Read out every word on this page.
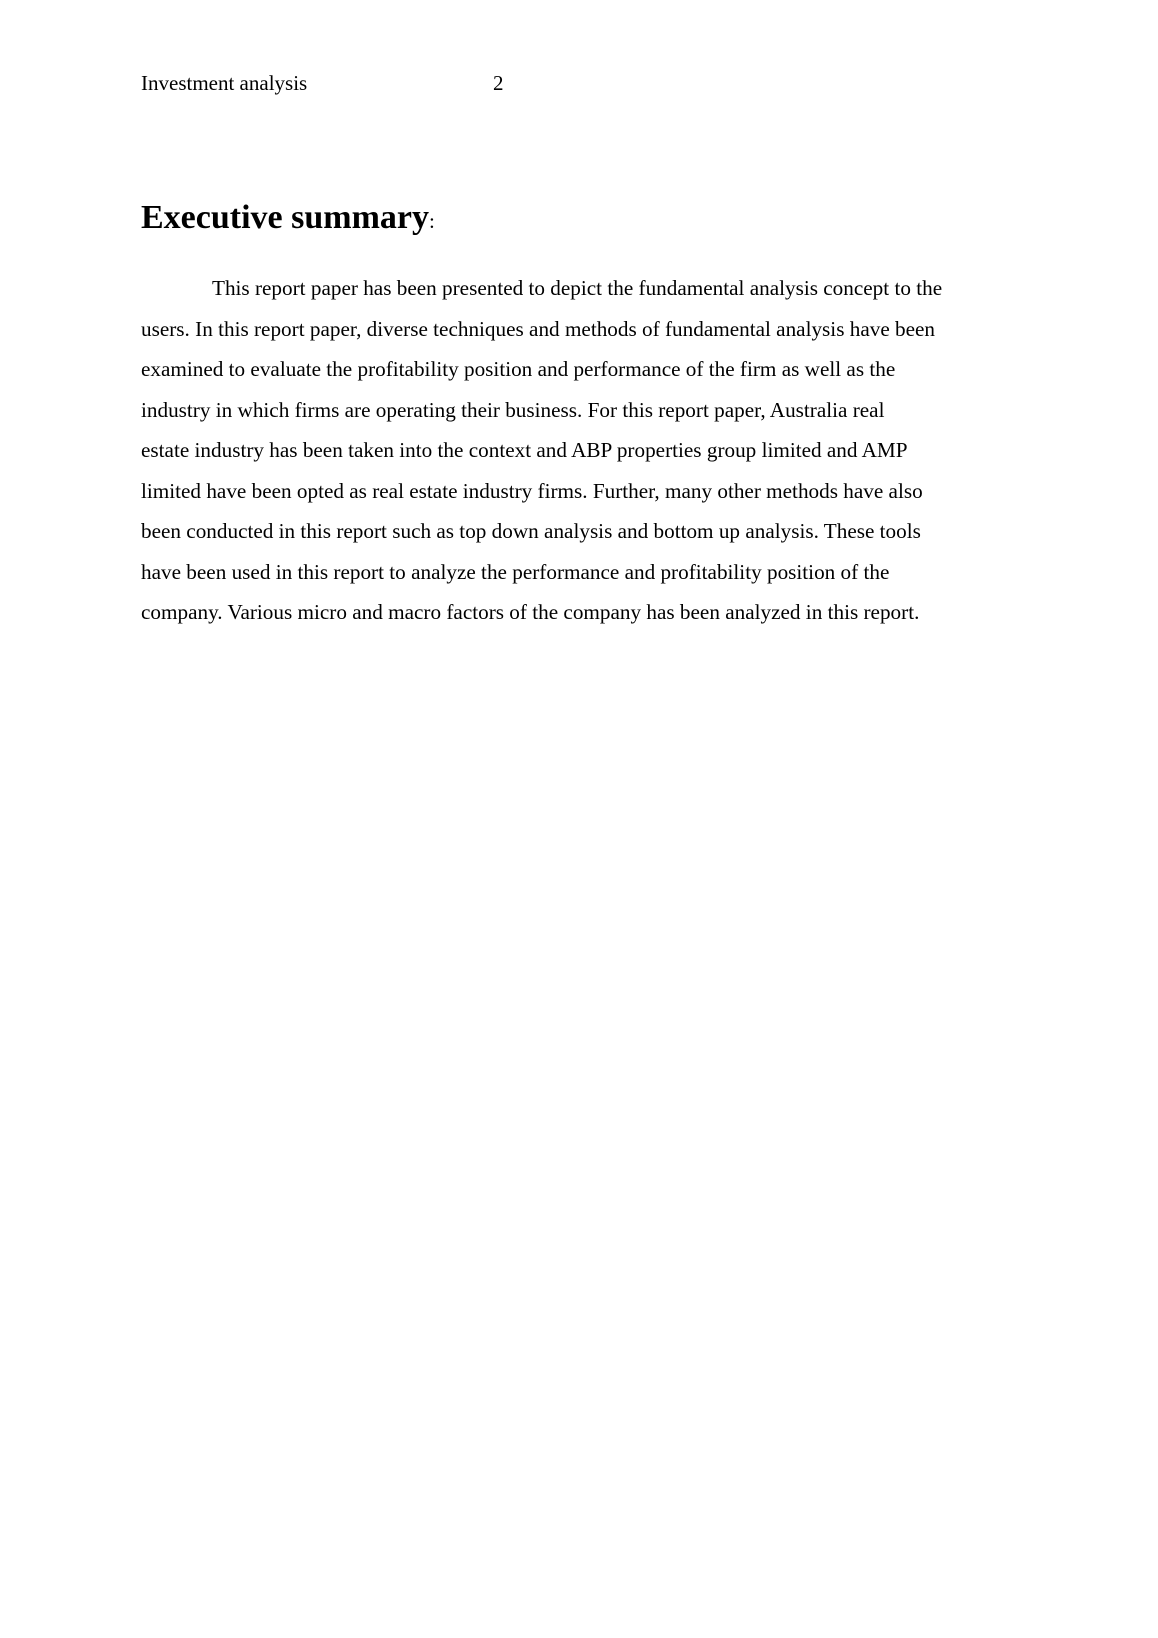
Investment analysis	2
Executive summary:

This report paper has been presented to depict the fundamental analysis concept to the
users. In this report paper, diverse techniques and methods of fundamental analysis have been
examined to evaluate the profitability position and performance of the firm as well as the
industry in which firms are operating their business. For this report paper, Australia real
estate industry has been taken into the context and ABP properties group limited and AMP
limited have been opted as real estate industry firms. Further, many other methods have also
been conducted in this report such as top down analysis and bottom up analysis. These tools
have been used in this report to analyze the performance and profitability position of the
company. Various micro and macro factors of the company has been analyzed in this report.
